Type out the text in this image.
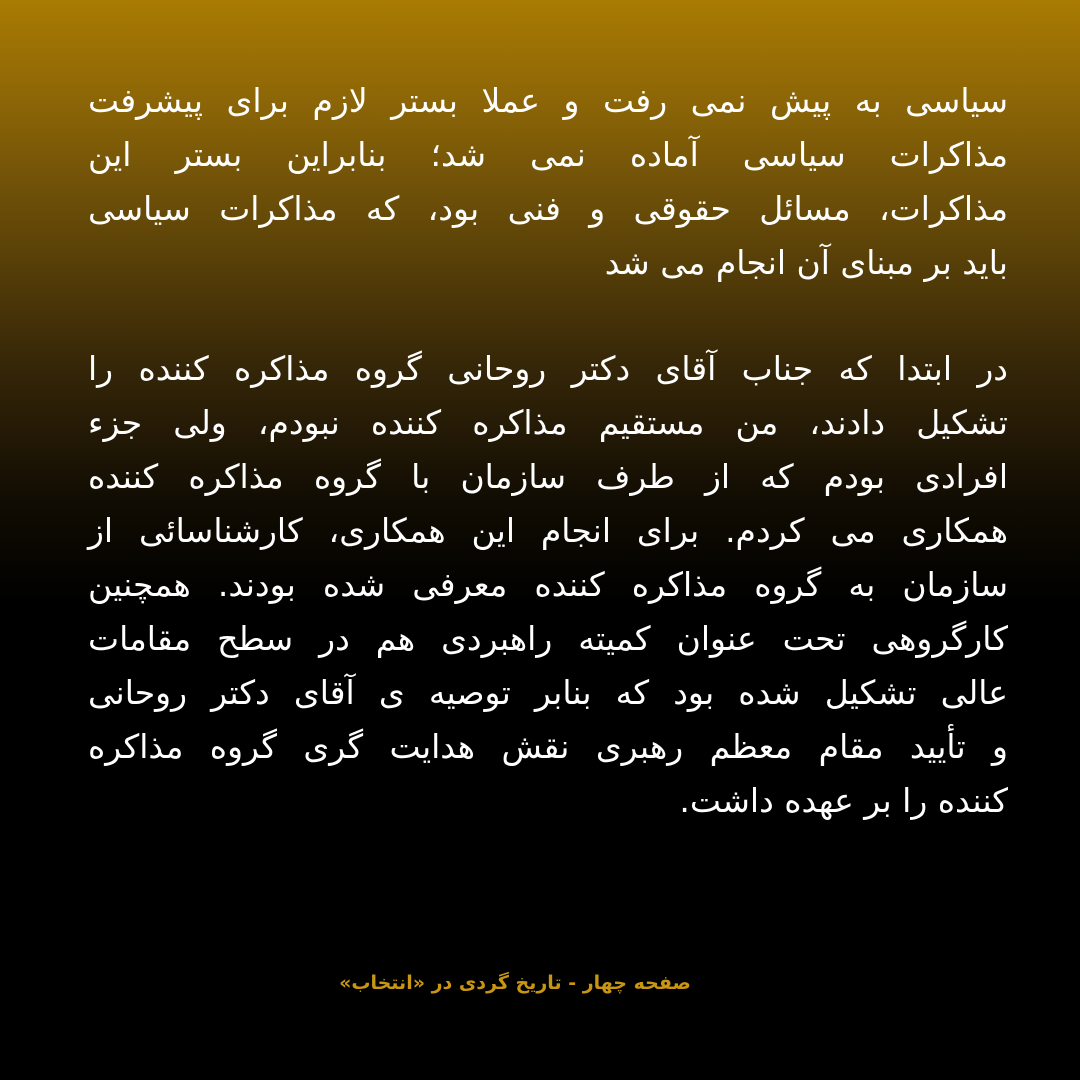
سیاسی به پیش نمی رفت و عملا بستر لازم برای پیشرفت
مذاکرات سیاسی آماده نمی شد؛ بنابراین بستر این
مذاکرات، مسائل حقوقی و فنی بود، که مذاکرات سیاسی
باید بر مبنای آن انجام می شد
در ابتدا که جناب آقای دکتر روحانی گروه مذاکره کننده را
تشکیل دادند، من مستقیم مذاکره کننده نبودم، ولی جزء
افرادی بودم که از طرف سازمان با گروه مذاکره کننده
همکاری می کردم. برای انجام این همکاری، کارشناسائی از
سازمان به گروه مذاکره کننده معرفی شده بودند. همچنین
کارگروهی تحت عنوان کمیته راهبردی هم در سطح مقامات
عالی تشکیل شده بود که بنابر توصیه ی آقای دکتر روحانی
و تأیید مقام معظم رهبری نقش هدایت گری گروه مذاکره
کننده را بر عهده داشت.
صفحه چهار - تاریخ گردی در «انتخاب»
